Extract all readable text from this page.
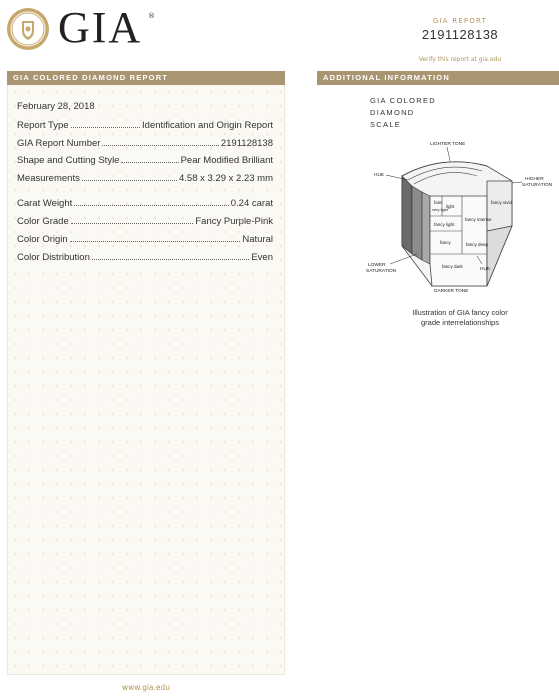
GIA ®
GIA REPORT
2191128138
Verify this report at gia.edu
GIA COLORED DIAMOND REPORT	ADDITIONAL INFORMATION
February 28, 2018
Report Type	Identification and Origin Report
GIA Report Number	2191128138
Shape and Cutting Style	Pear Modified Brilliant
Measurements	4.58 x 3.29 x 2.23 mm
Carat Weight	0.24 carat
Color Grade	Fancy Purple-Pink
Color Origin	Natural
Color Distribution	Even
GIA COLORED
DIAMOND
SCALE
faint
very light
light
fancy light
fancy
fancy intense
fancy vivid
fancy deep
fancy dark
LIGHTER TONE
HUE
HIGHER
SATURATION
LOWER
SATURATION	HUE
DARKER TONE
Illustration of GIA fancy color
grade interrelationships
www.gia.edu
